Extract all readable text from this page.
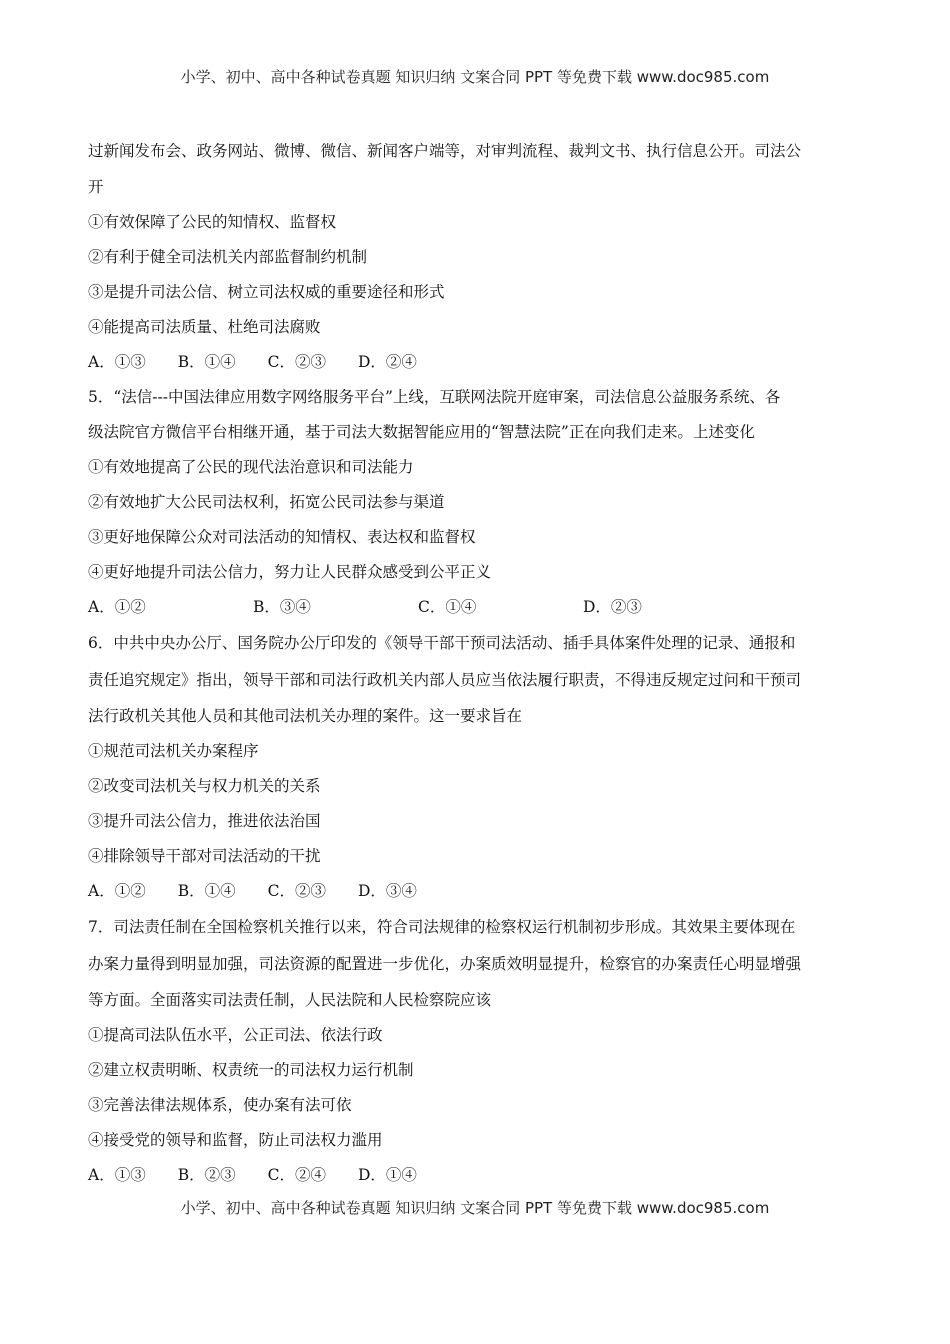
小学、初中、高中各种试卷真题 知识归纳 文案合同 PPT 等免费下载 www.doc985.com
过新闻发布会、政务网站、微博、微信、新闻客户端等，对审判流程、裁判文书、执行信息公开。司法公
开
①有效保障了公民的知情权、监督权
②有利于健全司法机关内部监督制约机制
③是提升司法公信、树立司法权威的重要途径和形式
④能提高司法质量、杜绝司法腐败
A．①③ B．①④ C．②③ D．②④
5．“法信---中国法律应用数字网络服务平台”上线，互联网法院开庭审案，司法信息公益服务系统、各
级法院官方微信平台相继开通，基于司法大数据智能应用的“智慧法院”正在向我们走来。上述变化
①有效地提高了公民的现代法治意识和司法能力
②有效地扩大公民司法权利，拓宽公民司法参与渠道
③更好地保障公众对司法活动的知情权、表达权和监督权
④更好地提升司法公信力，努力让人民群众感受到公平正义
A．①②	B．③④	C．①④	D．②③
6．中共中央办公厅、国务院办公厅印发的《领导干部干预司法活动、插手具体案件处理的记录、通报和
责任追究规定》指出，领导干部和司法行政机关内部人员应当依法履行职责，不得违反规定过问和干预司
法行政机关其他人员和其他司法机关办理的案件。这一要求旨在
①规范司法机关办案程序
②改变司法机关与权力机关的关系
③提升司法公信力，推进依法治国
④排除领导干部对司法活动的干扰
A．①② B．①④ C．②③ D．③④
7．司法责任制在全国检察机关推行以来，符合司法规律的检察权运行机制初步形成。其效果主要体现在
办案力量得到明显加强，司法资源的配置进一步优化，办案质效明显提升，检察官的办案责任心明显增强
等方面。全面落实司法责任制，人民法院和人民检察院应该
①提高司法队伍水平，公正司法、依法行政
②建立权责明晰、权责统一的司法权力运行机制
③完善法律法规体系，使办案有法可依
④接受党的领导和监督，防止司法权力滥用
A．①③ B．②③ C．②④ D．①④
小学、初中、高中各种试卷真题 知识归纳 文案合同 PPT 等免费下载 www.doc985.com
